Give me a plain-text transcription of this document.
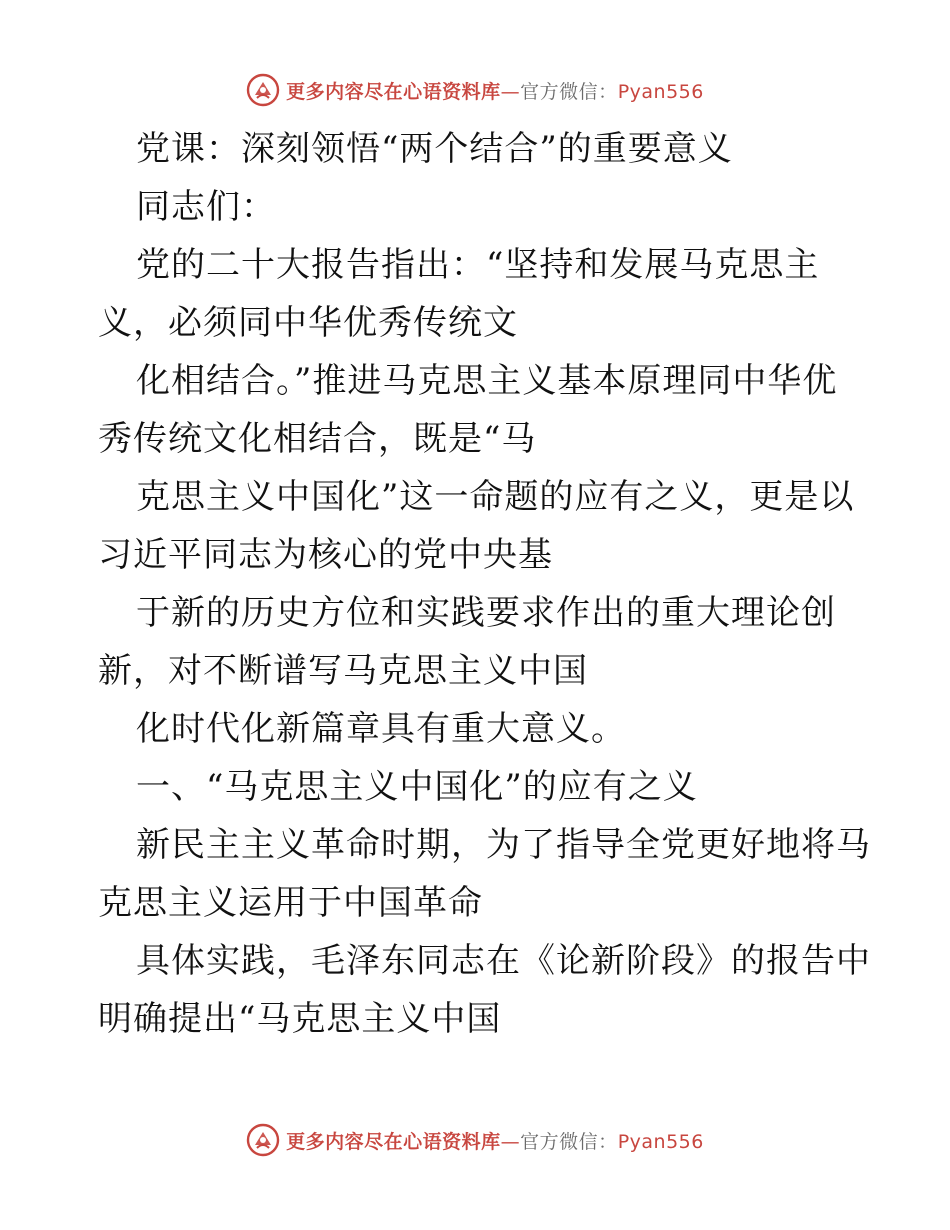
更多内容尽在心语资料库—官方微信：Pyan556
党课：深刻领悟“两个结合”的重要意义
同志们：
党的二十大报告指出：“坚持和发展马克思主
义，必须同中华优秀传统文
化相结合。”推进马克思主义基本原理同中华优
秀传统文化相结合，既是“马
克思主义中国化”这一命题的应有之义，更是以
习近平同志为核心的党中央基
于新的历史方位和实践要求作出的重大理论创
新，对不断谱写马克思主义中国
化时代化新篇章具有重大意义。
一、“马克思主义中国化”的应有之义
新民主主义革命时期，为了指导全党更好地将马
克思主义运用于中国革命
具体实践，毛泽东同志在《论新阶段》的报告中
明确提出“马克思主义中国
更多内容尽在心语资料库—官方微信：Pyan556
